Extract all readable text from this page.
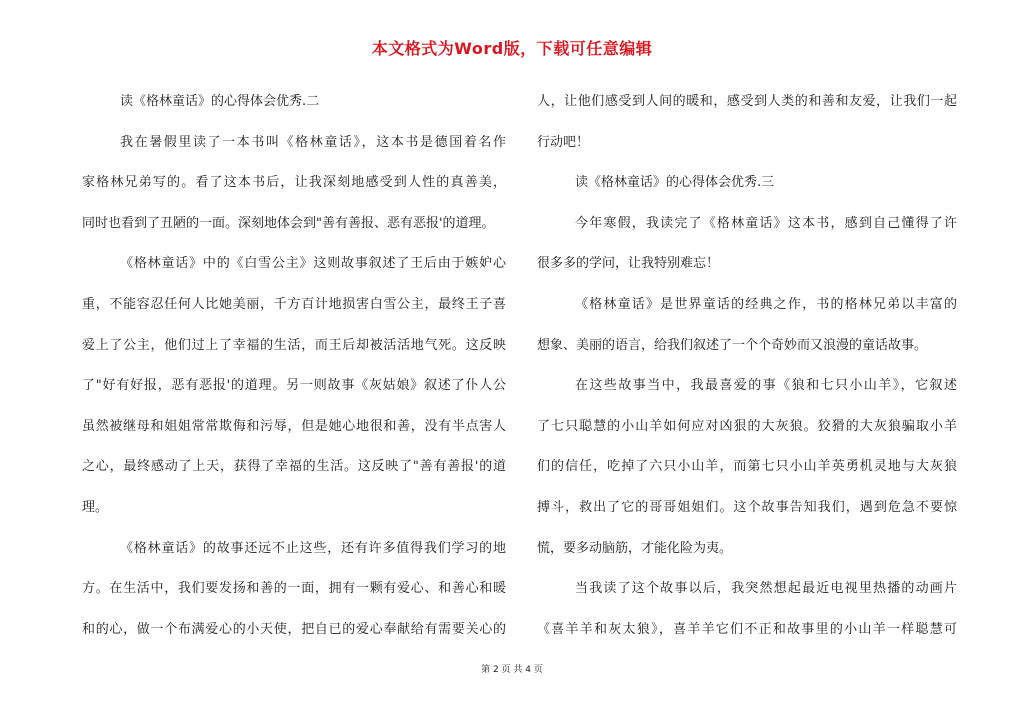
本文格式为Word版，下载可任意编辑
读《格林童话》的心得体会优秀.二
我在暑假里读了一本书叫《格林童话》，这本书是德国着名作
家格林兄弟写的。看了这本书后，让我深刻地感受到人性的真善美，
同时也看到了丑陋的一面。深刻地体会到"善有善报、恶有恶报'的道理。
《格林童话》中的《白雪公主》这则故事叙述了王后由于嫉妒心
重，不能容忍任何人比她美丽，千方百计地损害白雪公主，最终王子喜
爱上了公主，他们过上了幸福的生活，而王后却被活活地气死。这反映
了"好有好报，恶有恶报'的道理。另一则故事《灰姑娘》叙述了仆人公
虽然被继母和姐姐常常欺侮和污辱，但是她心地很和善，没有半点害人
之心，最终感动了上天，获得了幸福的生活。这反映了"善有善报'的道
理。
《格林童话》的故事还远不止这些，还有许多值得我们学习的地
方。在生活中，我们要发扬和善的一面，拥有一颗有爱心、和善心和暖
和的心，做一个布满爱心的小天使，把自已的爱心奉献给有需要关心的
人，让他们感受到人间的暖和，感受到人类的和善和友爱，让我们一起
行动吧！
读《格林童话》的心得体会优秀.三
今年寒假，我读完了《格林童话》这本书，感到自己懂得了许
很多多的学问，让我特别难忘！
《格林童话》是世界童话的经典之作，书的格林兄弟以丰富的
想象、美丽的语言，给我们叙述了一个个奇妙而又浪漫的童话故事。
在这些故事当中，我最喜爱的事《狼和七只小山羊》，它叙述
了七只聪慧的小山羊如何应对凶狠的大灰狼。狡猾的大灰狼骗取小羊
们的信任，吃掉了六只小山羊，而第七只小山羊英勇机灵地与大灰狼
搏斗，救出了它的哥哥姐姐们。这个故事告知我们，遇到危急不要惊
慌，要多动脑筋，才能化险为夷。
当我读了这个故事以后，我突然想起最近电视里热播的动画片
《喜羊羊和灰太狼》，喜羊羊它们不正和故事里的小山羊一样聪慧可
第 2 页 共 4 页
